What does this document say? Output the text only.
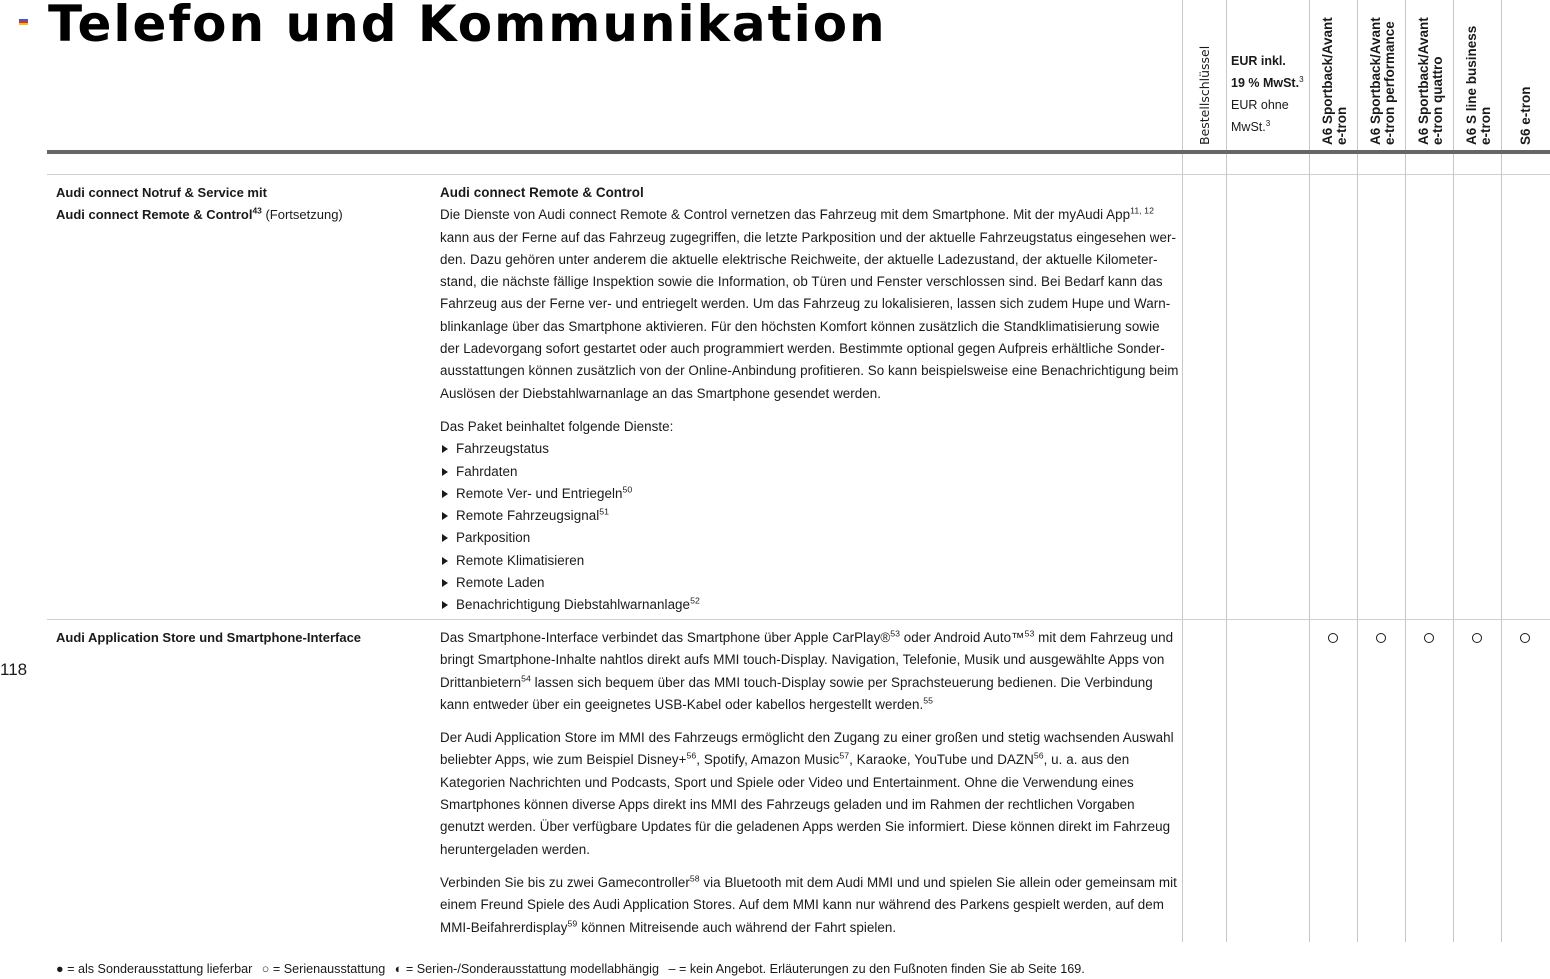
Telefon und Kommunikation
Bestellschlüssel EUR inkl.
19 % MwSt.$^3$
EUR ohne
MwSt.$^3$	A6 Sportback/Avant e-tron A6 Sportback/Avant e-tron performance A6 Sportback/Avant e-tron quattro A6 S line business e-tron S6 e-tron
Audi connect Notruf & Service mit
Audi connect Remote & Control$^{43}$ (Fortsetzung)
Audi connect Remote & Control

Die Dienste von Audi connect Remote & Control vernetzen das Fahrzeug mit dem Smartphone. Mit der myAudi App$^{11, 12}$ kann aus der Ferne auf das Fahrzeug zugegriffen, die letzte Parkposition und der aktuelle Fahrzeugstatus eingesehen werden. Dazu gehören unter anderem die aktuelle elektrische Reichweite, der aktuelle Ladezustand, der aktuelle Kilometerstand, die nächste fällige Inspektion sowie die Information, ob Türen und Fenster verschlossen sind. Bei Bedarf kann das Fahrzeug aus der Ferne ver- und entriegelt werden. Um das Fahrzeug zu lokalisieren, lassen sich zudem Hupe und Warnblinkanlage über das Smartphone aktivieren. Für den höchsten Komfort können zusätzlich die Standklimatisierung sowie der Ladevorgang sofort gestartet oder auch programmiert werden. Bestimmte optional gegen Aufpreis erhältliche Sonderausstattungen können zusätzlich von der Online-Anbindung profitieren. So kann beispielsweise eine Benachrichtigung beim Auslösen der Diebstahlwarnanlage an das Smartphone gesendet werden.

Das Paket beinhaltet folgende Dienste:
Fahrzeugstatus
Fahrdaten
Remote Ver- und Entriegeln$^{50}$
Remote Fahrzeugsignal$^{51}$
Parkposition
Remote Klimatisieren
Remote Laden
Benachrichtigung Diebstahlwarnanlage$^{52}$
Audi Application Store und Smartphone-Interface	Das Smartphone-Interface verbindet das Smartphone über Apple CarPlay®$^{53}$ oder Android Auto™$^{53}$ mit dem Fahrzeug und bringt Smartphone-Inhalte nahtlos direkt aufs MMI touch-Display. Navigation, Telefonie, Musik und ausgewählte Apps von Drittanbietern$^{54}$ lassen sich bequem über das MMI touch-Display sowie per Sprachsteuerung bedienen. Die Verbindung kann entweder über ein geeignetes USB-Kabel oder kabellos hergestellt werden.$^{55}$

Der Audi Application Store im MMI des Fahrzeugs ermöglicht den Zugang zu einer großen und stetig wachsenden Auswahl beliebter Apps, wie zum Beispiel Disney+$^{56}$, Spotify, Amazon Music$^{57}$, Karaoke, YouTube und DAZN$^{56}$, u. a. aus den Kategorien Nachrichten und Podcasts, Sport und Spiele oder Video und Entertainment. Ohne die Verwendung eines Smartphones können diverse Apps direkt ins MMI des Fahrzeugs geladen und im Rahmen der rechtlichen Vorgaben genutzt werden. Über verfügbare Updates für die geladenen Apps werden Sie informiert. Diese können direkt im Fahrzeug heruntergeladen werden.

Verbinden Sie bis zu zwei Gamecontroller$^{58}$ via Bluetooth mit dem Audi MMI und und spielen Sie allein oder gemeinsam mit einem Freund Spiele des Audi Application Stores. Auf dem MMI kann nur während des Parkens gespielt werden, auf dem MMI-Beifahrerdisplay$^{59}$ können Mitreisende auch während der Fahrt spielen.

118
● = als Sonderausstattung lieferbar ○ = Serienausstattung ◐ = Serien-/Sonderausstattung modellabhängig – = kein Angebot. Erläuterungen zu den Fußnoten finden Sie ab Seite 169.
